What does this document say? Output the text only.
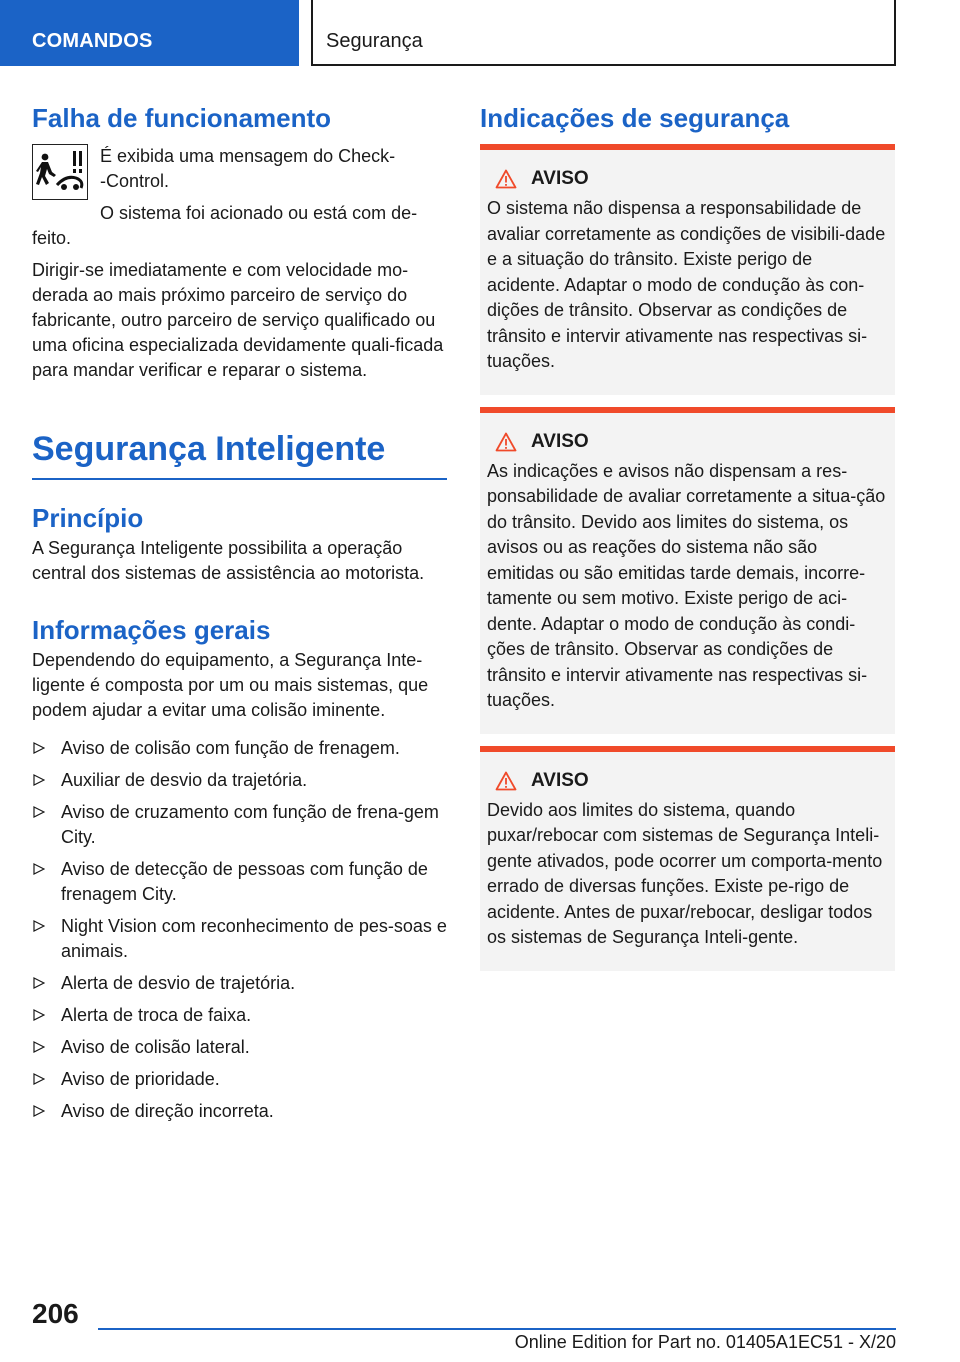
COMANDOS	Segurança
Falha de funcionamento
É exibida uma mensagem do Check-
-Control.
O sistema foi acionado ou está com de-
feito.
Dirigir-se imediatamente e com velocidade mo-derada ao mais próximo parceiro de serviço do fabricante, outro parceiro de serviço qualificado ou uma oficina especializada devidamente quali-ficada para mandar verificar e reparar o sistema.
Segurança Inteligente
Princípio
A Segurança Inteligente possibilita a operação central dos sistemas de assistência ao motorista.
Informações gerais
Dependendo do equipamento, a Segurança Inte-ligente é composta por um ou mais sistemas, que podem ajudar a evitar uma colisão iminente.
Aviso de colisão com função de frenagem.
Auxiliar de desvio da trajetória.
Aviso de cruzamento com função de frena-gem City.
Aviso de detecção de pessoas com função de frenagem City.
Night Vision com reconhecimento de pes-soas e animais.
Alerta de desvio de trajetória.
Alerta de troca de faixa.
Aviso de colisão lateral.
Aviso de prioridade.
Aviso de direção incorreta.
Indicações de segurança
AVISO
O sistema não dispensa a responsabilidade de avaliar corretamente as condições de visibili-dade e a situação do trânsito. Existe perigo de acidente. Adaptar o modo de condução às con-dições de trânsito. Observar as condições de trânsito e intervir ativamente nas respectivas si-tuações.
AVISO
As indicações e avisos não dispensam a res-ponsabilidade de avaliar corretamente a situa-ção do trânsito. Devido aos limites do sistema, os avisos ou as reações do sistema não são emitidas ou são emitidas tarde demais, incorre-tamente ou sem motivo. Existe perigo de aci-dente. Adaptar o modo de condução às condi-ções de trânsito. Observar as condições de trânsito e intervir ativamente nas respectivas si-tuações.
AVISO
Devido aos limites do sistema, quando puxar/rebocar com sistemas de Segurança Inteli-gente ativados, pode ocorrer um comporta-mento errado de diversas funções. Existe pe-rigo de acidente. Antes de puxar/rebocar, desligar todos os sistemas de Segurança Inteli-gente.
206
Online Edition for Part no. 01405A1EC51 - X/20
